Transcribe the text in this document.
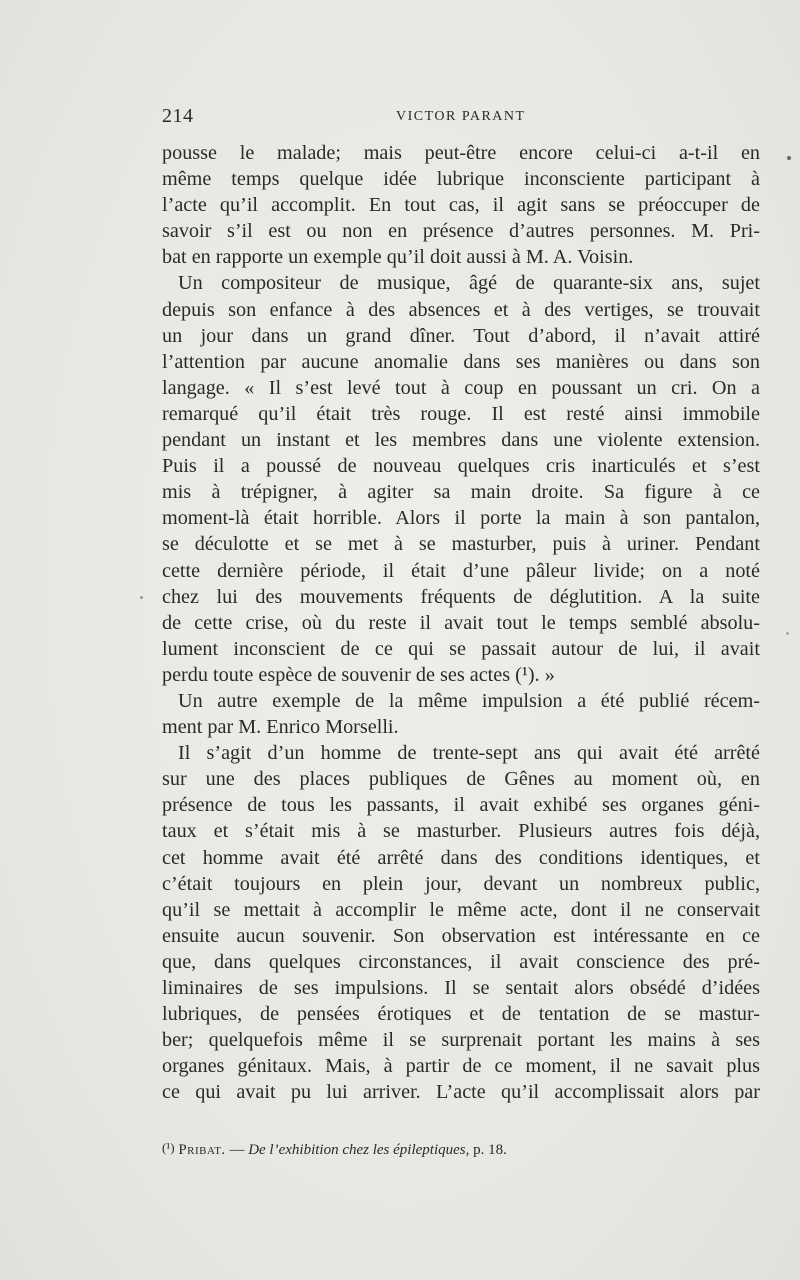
214	VICTOR PARANT
pousse le malade; mais peut-être encore celui-ci a-t-il en
même temps quelque idée lubrique inconsciente participant à
l’acte qu’il accomplit. En tout cas, il agit sans se préoccuper de
savoir s’il est ou non en présence d’autres personnes. M. Pri-
bat en rapporte un exemple qu’il doit aussi à M. A. Voisin.
Un compositeur de musique, âgé de quarante-six ans, sujet
depuis son enfance à des absences et à des vertiges, se trouvait
un jour dans un grand dîner. Tout d’abord, il n’avait attiré
l’attention par aucune anomalie dans ses manières ou dans son
langage. « Il s’est levé tout à coup en poussant un cri. On a
remarqué qu’il était très rouge. Il est resté ainsi immobile
pendant un instant et les membres dans une violente extension.
Puis il a poussé de nouveau quelques cris inarticulés et s’est
mis à trépigner, à agiter sa main droite. Sa figure à ce
moment-là était horrible. Alors il porte la main à son pantalon,
se déculotte et se met à se masturber, puis à uriner. Pendant
cette dernière période, il était d’une pâleur livide; on a noté
chez lui des mouvements fréquents de déglutition. A la suite
de cette crise, où du reste il avait tout le temps semblé absolu-
lument inconscient de ce qui se passait autour de lui, il avait
perdu toute espèce de souvenir de ses actes (¹). »
Un autre exemple de la même impulsion a été publié récem-
ment par M. Enrico Morselli.
Il s’agit d’un homme de trente-sept ans qui avait été arrêté
sur une des places publiques de Gênes au moment où, en
présence de tous les passants, il avait exhibé ses organes géni-
taux et s’était mis à se masturber. Plusieurs autres fois déjà,
cet homme avait été arrêté dans des conditions identiques, et
c’était toujours en plein jour, devant un nombreux public,
qu’il se mettait à accomplir le même acte, dont il ne conservait
ensuite aucun souvenir. Son observation est intéressante en ce
que, dans quelques circonstances, il avait conscience des pré-
liminaires de ses impulsions. Il se sentait alors obsédé d’idées
lubriques, de pensées érotiques et de tentation de se mastur-
ber; quelquefois même il se surprenait portant les mains à ses
organes génitaux. Mais, à partir de ce moment, il ne savait plus
ce qui avait pu lui arriver. L’acte qu’il accomplissait alors par
(¹) Pribat. — De l’exhibition chez les épileptiques, p. 18.
